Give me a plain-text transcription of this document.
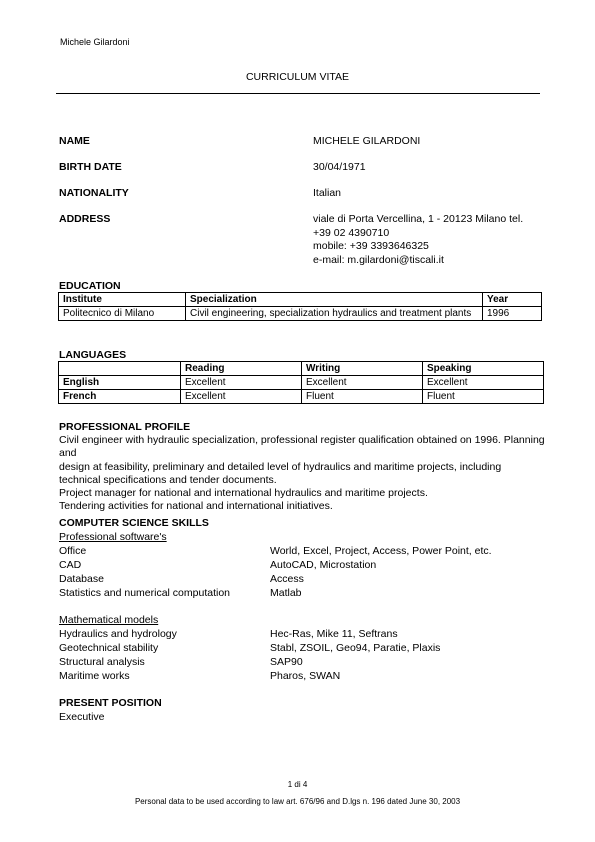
Michele Gilardoni
CURRICULUM VITAE
NAME	MICHELE GILARDONI
BIRTH DATE	30/04/1971
NATIONALITY	Italian
ADDRESS	viale di Porta Vercellina, 1 - 20123 Milano tel.
+39 02 4390710
mobile: +39 3393646325
e-mail: m.gilardoni@tiscali.it
EDUCATION
Institute	Specialization	Year
Politecnico di Milano	Civil engineering, specialization hydraulics and treatment plants	1996
LANGUAGES
	Reading	Writing	Speaking
English	Excellent	Excellent	Excellent
French	Excellent	Fluent	Fluent
PROFESSIONAL PROFILE
Civil engineer with hydraulic specialization, professional register qualification obtained on 1996. Planning and
design at feasibility, preliminary and detailed level of hydraulics and maritime projects, including
technical specifications and tender documents.
Project manager for national and international hydraulics and maritime projects.
Tendering activities for national and international initiatives.
COMPUTER SCIENCE SKILLS
Professional software's
Office	World, Excel, Project, Access, Power Point, etc.
CAD	AutoCAD, Microstation
Database	Access
Statistics and numerical computation	Matlab
Mathematical models
Hydraulics and hydrology	Hec-Ras, Mike 11, Seftrans
Geotechnical stability	Stabl, ZSOIL, Geo94, Paratie, Plaxis
Structural analysis	SAP90
Maritime works	Pharos, SWAN
PRESENT POSITION
Executive
1 di 4
Personal data to be used according to law art. 676/96 and D.lgs n. 196 dated June 30, 2003
